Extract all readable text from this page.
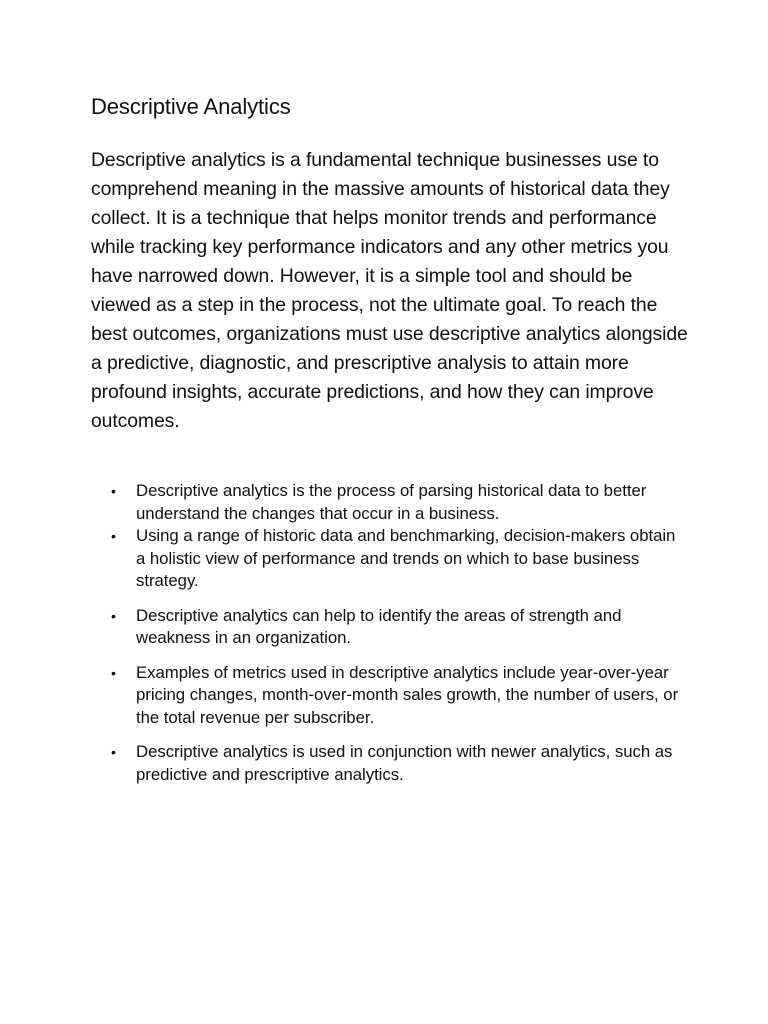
Descriptive Analytics

Descriptive analytics is a fundamental technique businesses use to comprehend meaning in the massive amounts of historical data they collect. It is a technique that helps monitor trends and performance while tracking key performance indicators and any other metrics you have narrowed down. However, it is a simple tool and should be viewed as a step in the process, not the ultimate goal. To reach the best outcomes, organizations must use descriptive analytics alongside a predictive, diagnostic, and prescriptive analysis to attain more profound insights, accurate predictions, and how they can improve outcomes.

• Descriptive analytics is the process of parsing historical data to better understand the changes that occur in a business.
• Using a range of historic data and benchmarking, decision-makers obtain a holistic view of performance and trends on which to base business strategy.
• Descriptive analytics can help to identify the areas of strength and weakness in an organization.
• Examples of metrics used in descriptive analytics include year-over-year pricing changes, month-over-month sales growth, the number of users, or the total revenue per subscriber.
• Descriptive analytics is used in conjunction with newer analytics, such as predictive and prescriptive analytics.
